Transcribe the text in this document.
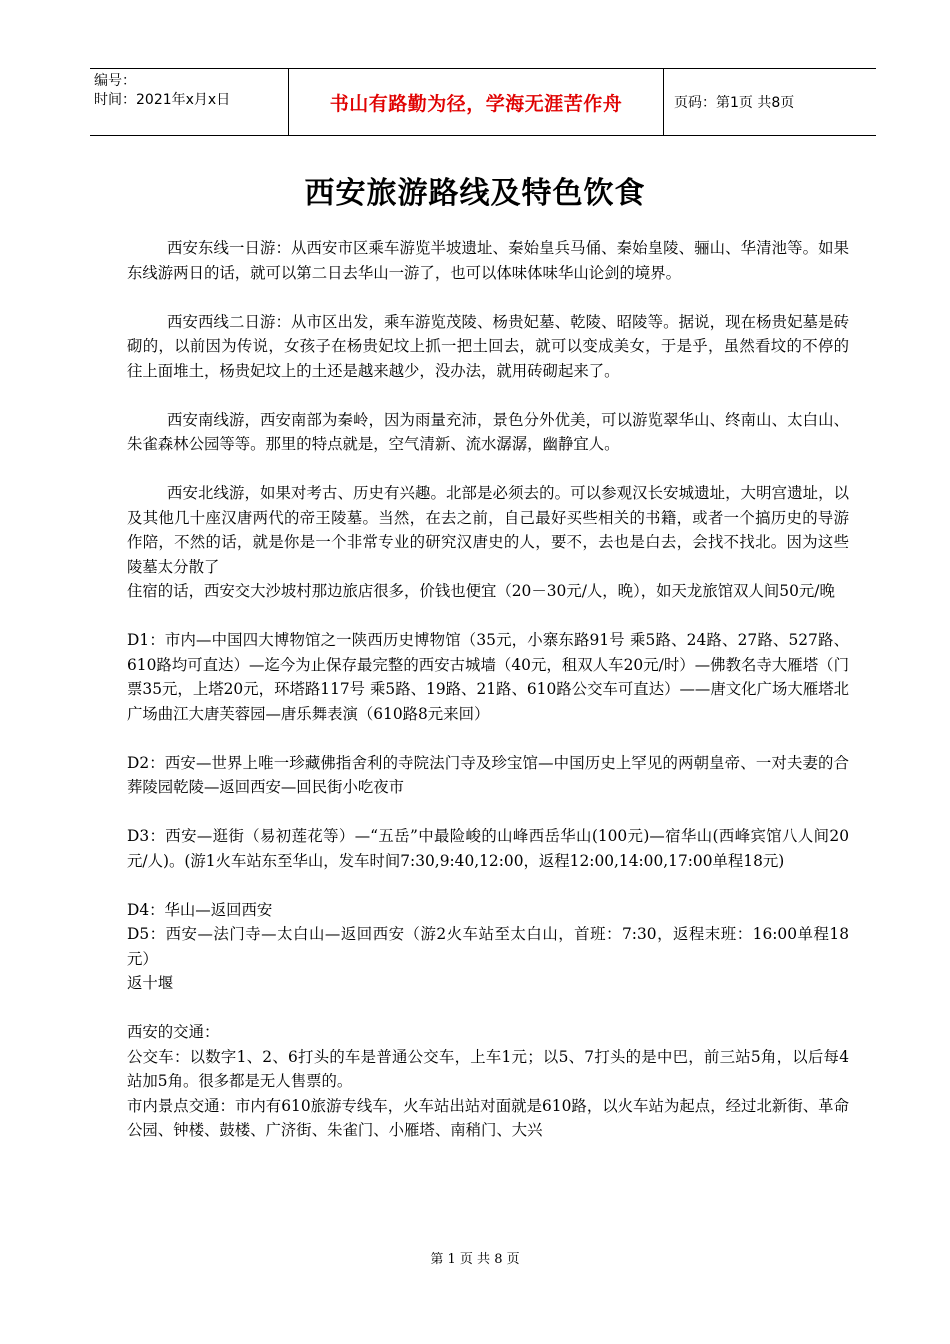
编号：
时间：2021年x月x日	书山有路勤为径，学海无涯苦作舟	页码：第1页 共8页
西安旅游路线及特色饮食

西安东线一日游：从西安市区乘车游览半坡遗址、秦始皇兵马俑、秦始皇陵、骊山、华清池等。如果东线游两日的话，就可以第二日去华山一游了，也可以体味体味华山论剑的境界。

西安西线二日游：从市区出发，乘车游览茂陵、杨贵妃墓、乾陵、昭陵等。据说，现在杨贵妃墓是砖砌的，以前因为传说，女孩子在杨贵妃坟上抓一把土回去，就可以变成美女，于是乎，虽然看坟的不停的往上面堆土，杨贵妃坟上的土还是越来越少，没办法，就用砖砌起来了。

西安南线游，西安南部为秦岭，因为雨量充沛，景色分外优美，可以游览翠华山、终南山、太白山、朱雀森林公园等等。那里的特点就是，空气清新、流水潺潺，幽静宜人。

西安北线游，如果对考古、历史有兴趣。北部是必须去的。可以参观汉长安城遗址，大明宫遗址，以及其他几十座汉唐两代的帝王陵墓。当然，在去之前，自己最好买些相关的书籍，或者一个搞历史的导游作陪，不然的话，就是你是一个非常专业的研究汉唐史的人，要不，去也是白去，会找不找北。因为这些陵墓太分散了

住宿的话，西安交大沙坡村那边旅店很多，价钱也便宜（20－30元/人，晚），如天龙旅馆双人间50元/晚

D1：市内—中国四大博物馆之一陕西历史博物馆（35元，小寨东路91号 乘5路、24路、27路、527路、610路均可直达）—迄今为止保存最完整的西安古城墙（40元，租双人车20元/时）—佛教名寺大雁塔（门票35元，上塔20元，环塔路117号 乘5路、19路、21路、610路公交车可直达）——唐文化广场大雁塔北广场曲江大唐芙蓉园—唐乐舞表演（610路8元来回）

D2：西安—世界上唯一珍藏佛指舍利的寺院法门寺及珍宝馆—中国历史上罕见的两朝皇帝、一对夫妻的合葬陵园乾陵—返回西安—回民街小吃夜市

D3：西安—逛街（易初莲花等）—“五岳”中最险峻的山峰西岳华山(100元)—宿华山(西峰宾馆八人间20元/人)。(游1火车站东至华山，发车时间7:30,9:40,12:00，返程12:00,14:00,17:00单程18元)

D4：华山—返回西安

D5：西安—法门寺—太白山—返回西安（游2火车站至太白山，首班：7:30，返程末班：16:00单程18元）

返十堰

西安的交通：

公交车：以数字1、2、6打头的车是普通公交车，上车1元；以5、7打头的是中巴，前三站5角，以后每4站加5角。很多都是无人售票的。

市内景点交通：市内有610旅游专线车，火车站出站对面就是610路，以火车站为起点，经过北新街、革命公园、钟楼、鼓楼、广济街、朱雀门、小雁塔、南稍门、大兴

第 1 页 共 8 页
